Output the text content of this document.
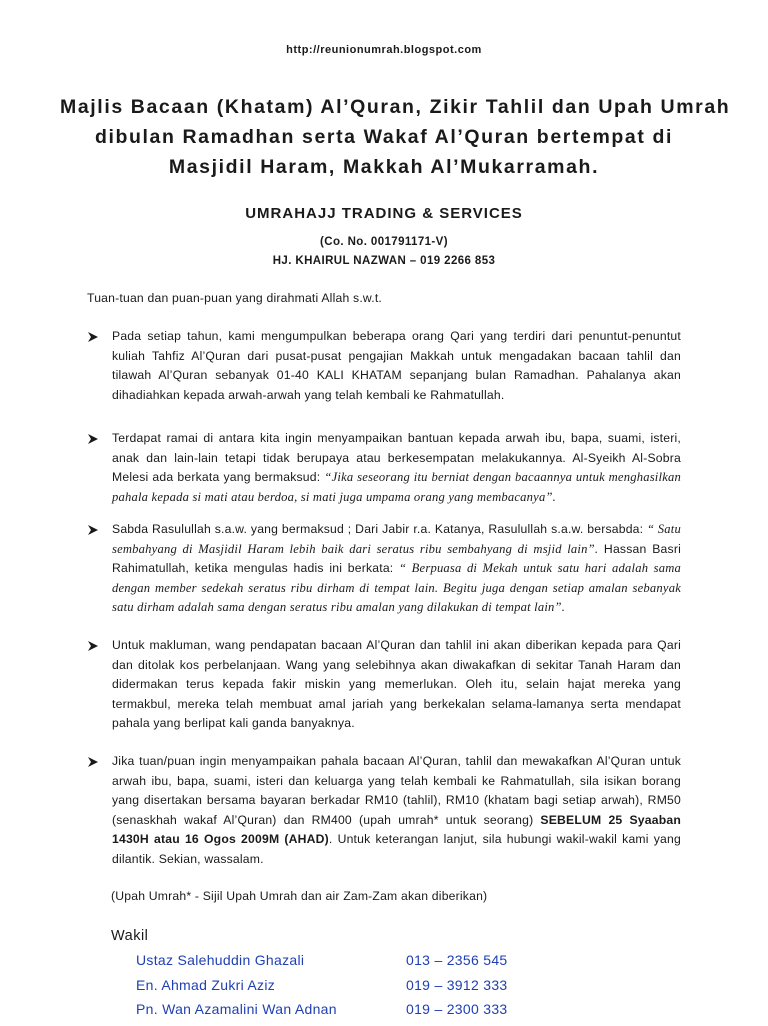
http://reunionumrah.blogspot.com
Majlis Bacaan (Khatam) Al’Quran, Zikir Tahlil dan Upah Umrah
dibulan Ramadhan serta Wakaf Al’Quran bertempat di
Masjidil Haram, Makkah Al’Mukarramah.
UMRAHAJJ TRADING & SERVICES
(Co. No. 001791171-V)
HJ. KHAIRUL NAZWAN – 019 2266 853
Tuan-tuan dan puan-puan yang dirahmati Allah s.w.t.
Pada setiap tahun, kami mengumpulkan beberapa orang Qari yang terdiri dari penuntut-penuntut kuliah Tahfiz Al’Quran dari pusat-pusat pengajian Makkah untuk mengadakan bacaan tahlil dan tilawah Al’Quran sebanyak 01-40 KALI KHATAM sepanjang bulan Ramadhan. Pahalanya akan dihadiahkan kepada arwah-arwah yang telah kembali ke Rahmatullah.
Terdapat ramai di antara kita ingin menyampaikan bantuan kepada arwah ibu, bapa, suami, isteri, anak dan lain-lain tetapi tidak berupaya atau berkesempatan melakukannya. Al-Syeikh Al-Sobra Melesi ada berkata yang bermaksud: “Jika seseorang itu berniat dengan bacaannya untuk menghasilkan pahala kepada si mati atau berdoa, si mati juga umpama orang yang membacanya”.
Sabda Rasulullah s.a.w. yang bermaksud ; Dari Jabir r.a. Katanya, Rasulullah s.a.w. bersabda: “ Satu sembahyang di Masjidil Haram lebih baik dari seratus ribu sembahyang di msjid lain”. Hassan Basri Rahimatullah, ketika mengulas hadis ini berkata: “ Berpuasa di Mekah untuk satu hari adalah sama dengan member sedekah seratus ribu dirham di tempat lain. Begitu juga dengan setiap amalan sebanyak satu dirham adalah sama dengan seratus ribu amalan yang dilakukan di tempat lain”.
Untuk makluman, wang pendapatan bacaan Al’Quran dan tahlil ini akan diberikan kepada para Qari dan ditolak kos perbelanjaan. Wang yang selebihnya akan diwakafkan di sekitar Tanah Haram dan didermakan terus kepada fakir miskin yang memerlukan. Oleh itu, selain hajat mereka yang termakbul, mereka telah membuat amal jariah yang berkekalan selama-lamanya serta mendapat pahala yang berlipat kali ganda banyaknya.
Jika tuan/puan ingin menyampaikan pahala bacaan Al’Quran, tahlil dan mewakafkan Al’Quran untuk arwah ibu, bapa, suami, isteri dan keluarga yang telah kembali ke Rahmatullah, sila isikan borang yang disertakan bersama bayaran berkadar RM10 (tahlil), RM10 (khatam bagi setiap arwah), RM50 (senaskhah wakaf Al’Quran) dan RM400 (upah umrah* untuk seorang) SEBELUM 25 Syaaban 1430H atau 16 Ogos 2009M (AHAD). Untuk keterangan lanjut, sila hubungi wakil-wakil kami yang dilantik. Sekian, wassalam.
(Upah Umrah* - Sijil Upah Umrah dan air Zam-Zam akan diberikan)
Wakil
Ustaz Salehuddin Ghazali	013 – 2356 545
En. Ahmad Zukri Aziz	019 – 3912 333
Pn. Wan Azamalini Wan Adnan	019 – 2300 333
